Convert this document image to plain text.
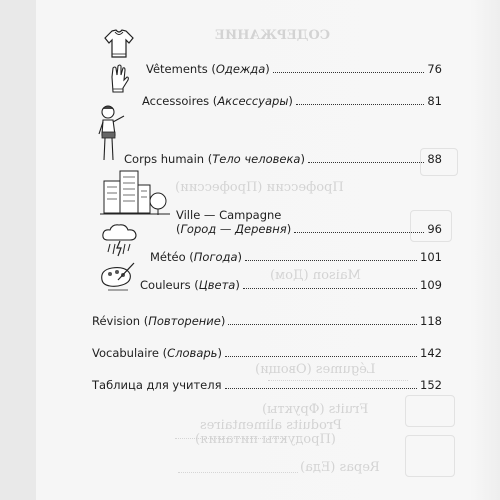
СОДЕРЖАНИЕ
Профессии (Профессии)
Maison (Дом)
Légumes (Овощи)
Fruits (Фрукты)
Produits alimentaires
(Продукты питания)
Repas (Еда)
Vêtements (Одежда)	76
Accessoires (Аксессуары)	81
Corps humain (Тело человека)	88
Ville — Campagne
(Город — Деревня)	96
Météo (Погода)	101
Couleurs (Цвета)	109
Révision (Повторение)	118
Vocabulaire (Словарь)	142
Таблица для учителя	152
